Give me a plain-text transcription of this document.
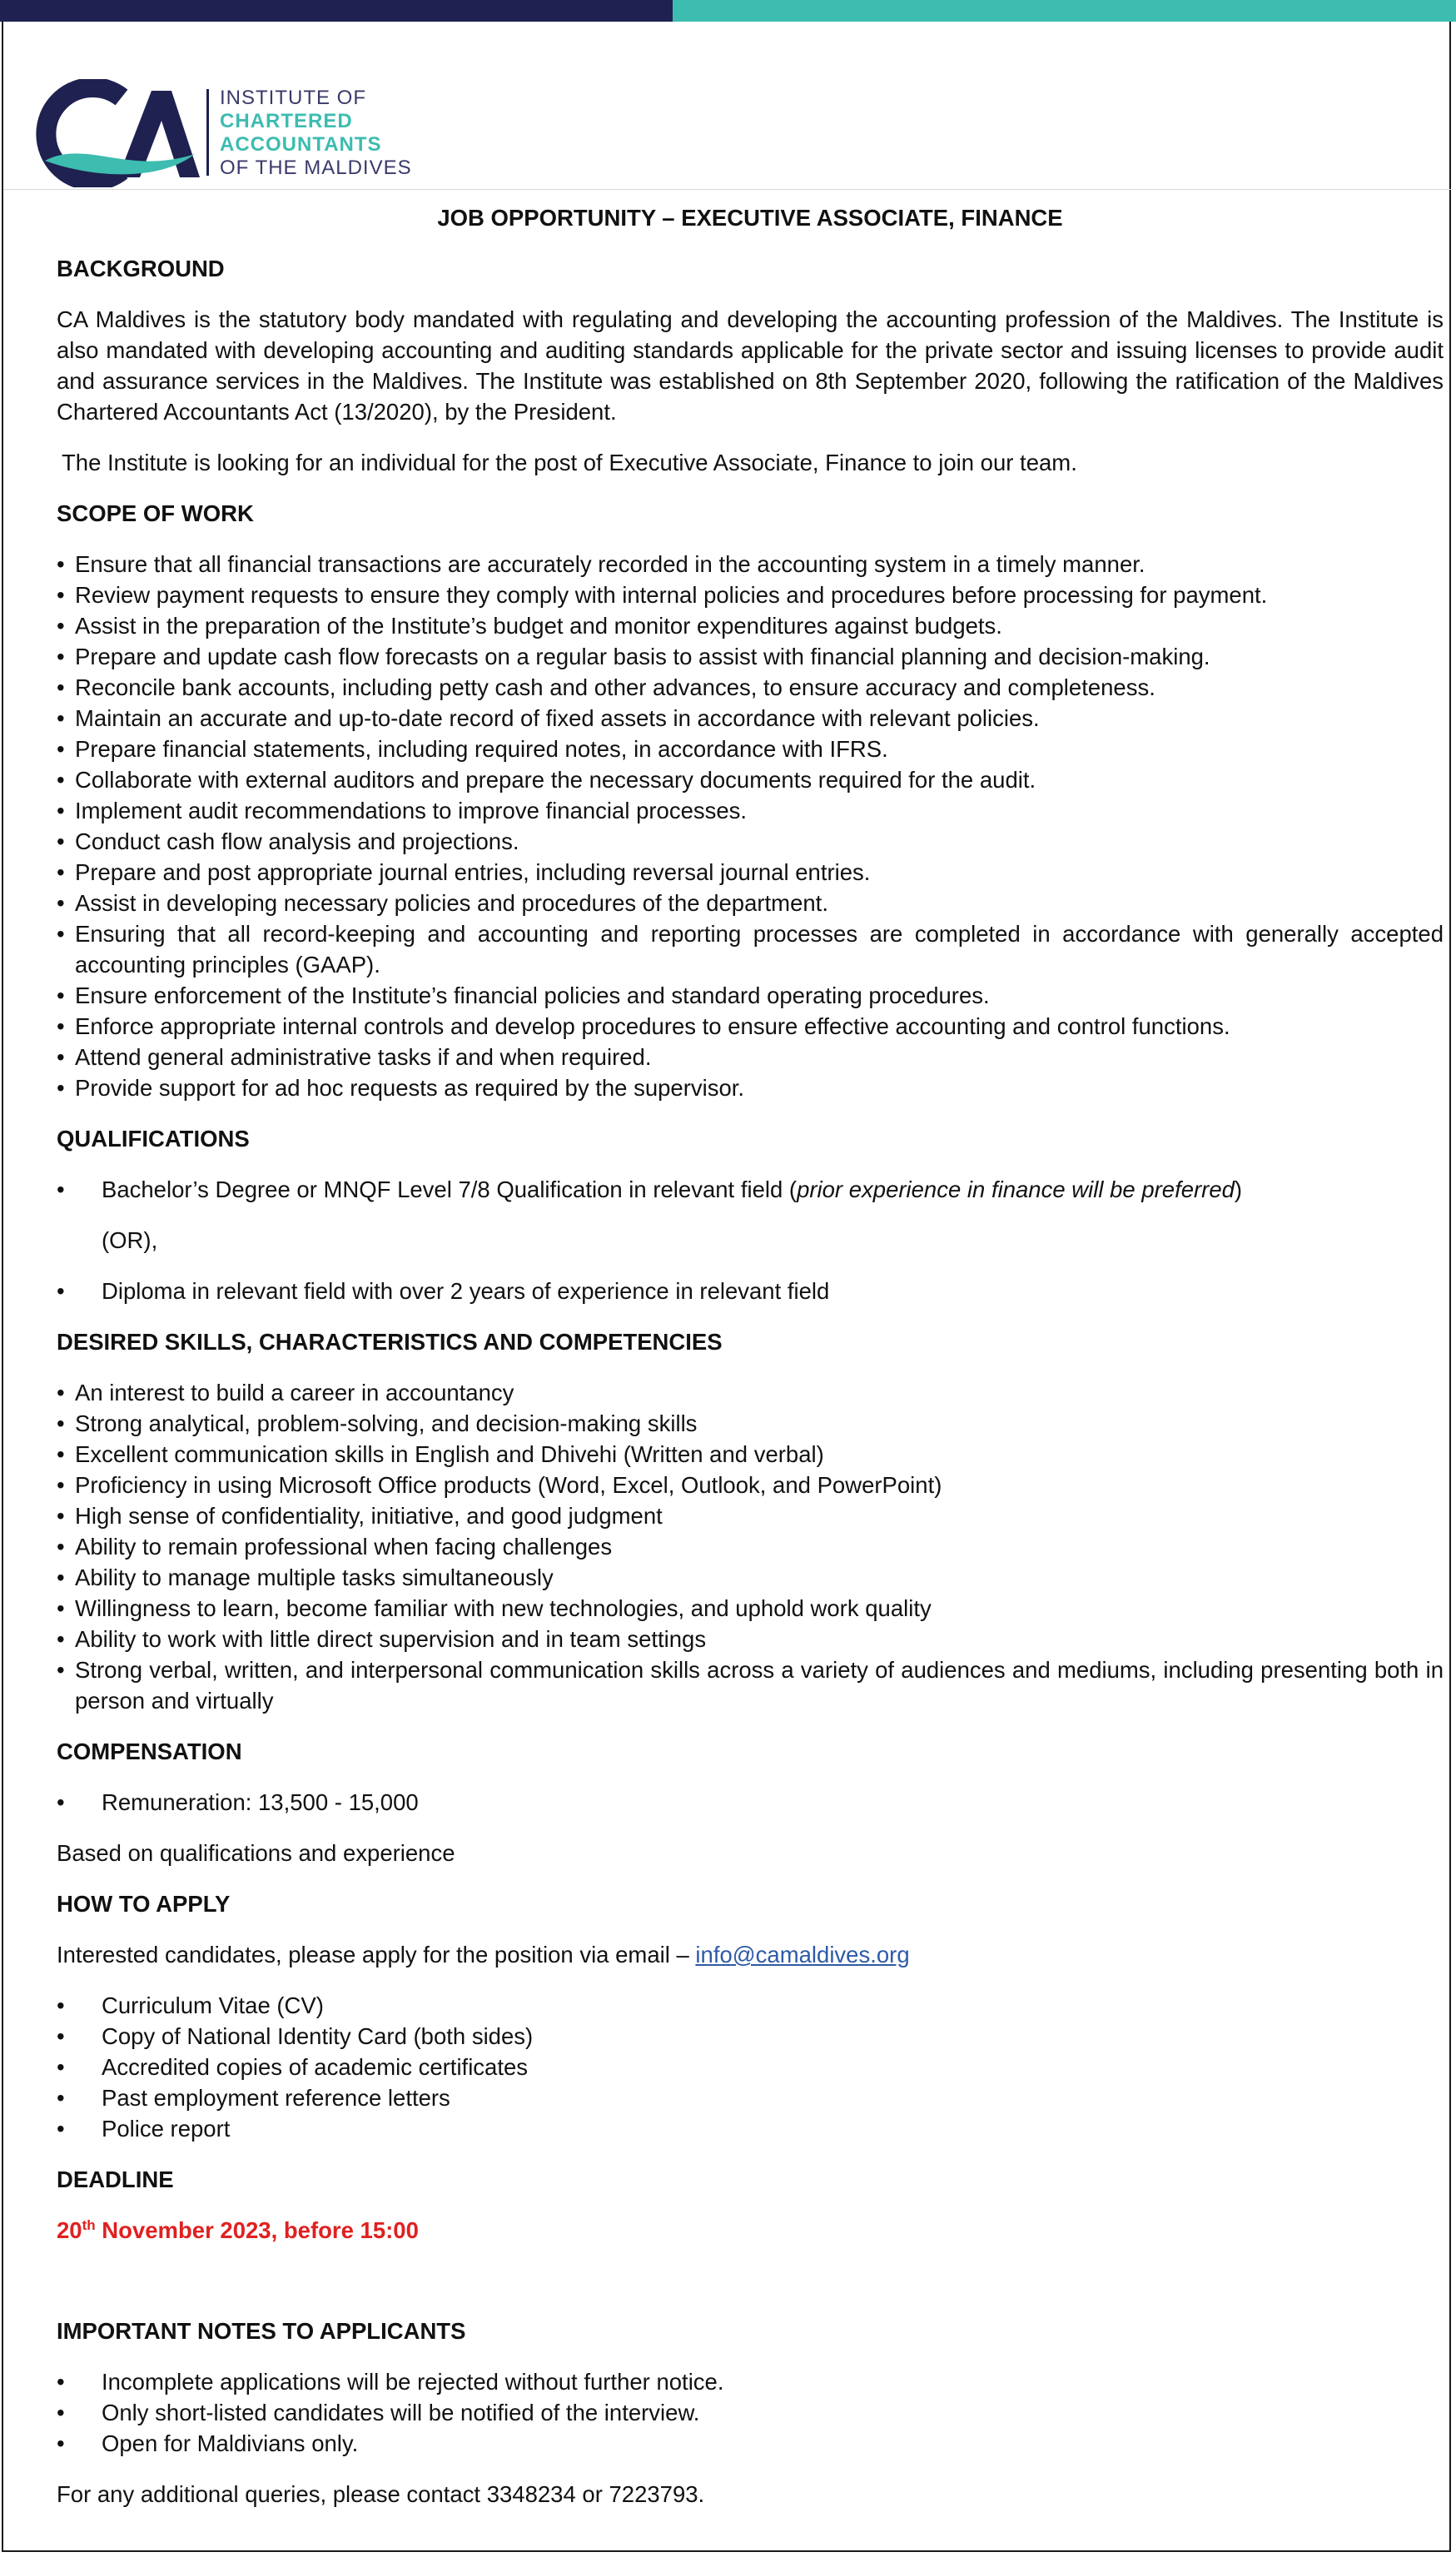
INSTITUTE OF
CHARTERED
ACCOUNTANTS
OF THE MALDIVES
JOB OPPORTUNITY – EXECUTIVE ASSOCIATE, FINANCE
BACKGROUND
CA Maldives is the statutory body mandated with regulating and developing the accounting profession of the Maldives. The Institute is also mandated with developing accounting and auditing standards applicable for the private sector and issuing licenses to provide audit and assurance services in the Maldives. The Institute was established on 8th September 2020, following the ratification of the Maldives Chartered Accountants Act (13/2020), by the President.
The Institute is looking for an individual for the post of Executive Associate, Finance to join our team.
SCOPE OF WORK
• Ensure that all financial transactions are accurately recorded in the accounting system in a timely manner.
• Review payment requests to ensure they comply with internal policies and procedures before processing for payment.
• Assist in the preparation of the Institute’s budget and monitor expenditures against budgets.
• Prepare and update cash flow forecasts on a regular basis to assist with financial planning and decision-making.
• Reconcile bank accounts, including petty cash and other advances, to ensure accuracy and completeness.
• Maintain an accurate and up-to-date record of fixed assets in accordance with relevant policies.
• Prepare financial statements, including required notes, in accordance with IFRS.
• Collaborate with external auditors and prepare the necessary documents required for the audit.
• Implement audit recommendations to improve financial processes.
• Conduct cash flow analysis and projections.
• Prepare and post appropriate journal entries, including reversal journal entries.
• Assist in developing necessary policies and procedures of the department.
• Ensuring that all record-keeping and accounting and reporting processes are completed in accordance with generally accepted accounting principles (GAAP).
• Ensure enforcement of the Institute’s financial policies and standard operating procedures.
• Enforce appropriate internal controls and develop procedures to ensure effective accounting and control functions.
• Attend general administrative tasks if and when required.
• Provide support for ad hoc requests as required by the supervisor.
QUALIFICATIONS
• Bachelor’s Degree or MNQF Level 7/8 Qualification in relevant field (prior experience in finance will be preferred)
(OR),
• Diploma in relevant field with over 2 years of experience in relevant field
DESIRED SKILLS, CHARACTERISTICS AND COMPETENCIES
• An interest to build a career in accountancy
• Strong analytical, problem-solving, and decision-making skills
• Excellent communication skills in English and Dhivehi (Written and verbal)
• Proficiency in using Microsoft Office products (Word, Excel, Outlook, and PowerPoint)
• High sense of confidentiality, initiative, and good judgment
• Ability to remain professional when facing challenges
• Ability to manage multiple tasks simultaneously
• Willingness to learn, become familiar with new technologies, and uphold work quality
• Ability to work with little direct supervision and in team settings
• Strong verbal, written, and interpersonal communication skills across a variety of audiences and mediums, including presenting both in person and virtually
COMPENSATION
• Remuneration: 13,500 - 15,000
Based on qualifications and experience
HOW TO APPLY
Interested candidates, please apply for the position via email – info@camaldives.org
• Curriculum Vitae (CV)
• Copy of National Identity Card (both sides)
• Accredited copies of academic certificates
• Past employment reference letters
• Police report
DEADLINE
20th November 2023, before 15:00
IMPORTANT NOTES TO APPLICANTS
• Incomplete applications will be rejected without further notice.
• Only short-listed candidates will be notified of the interview.
• Open for Maldivians only.
For any additional queries, please contact 3348234 or 7223793.
